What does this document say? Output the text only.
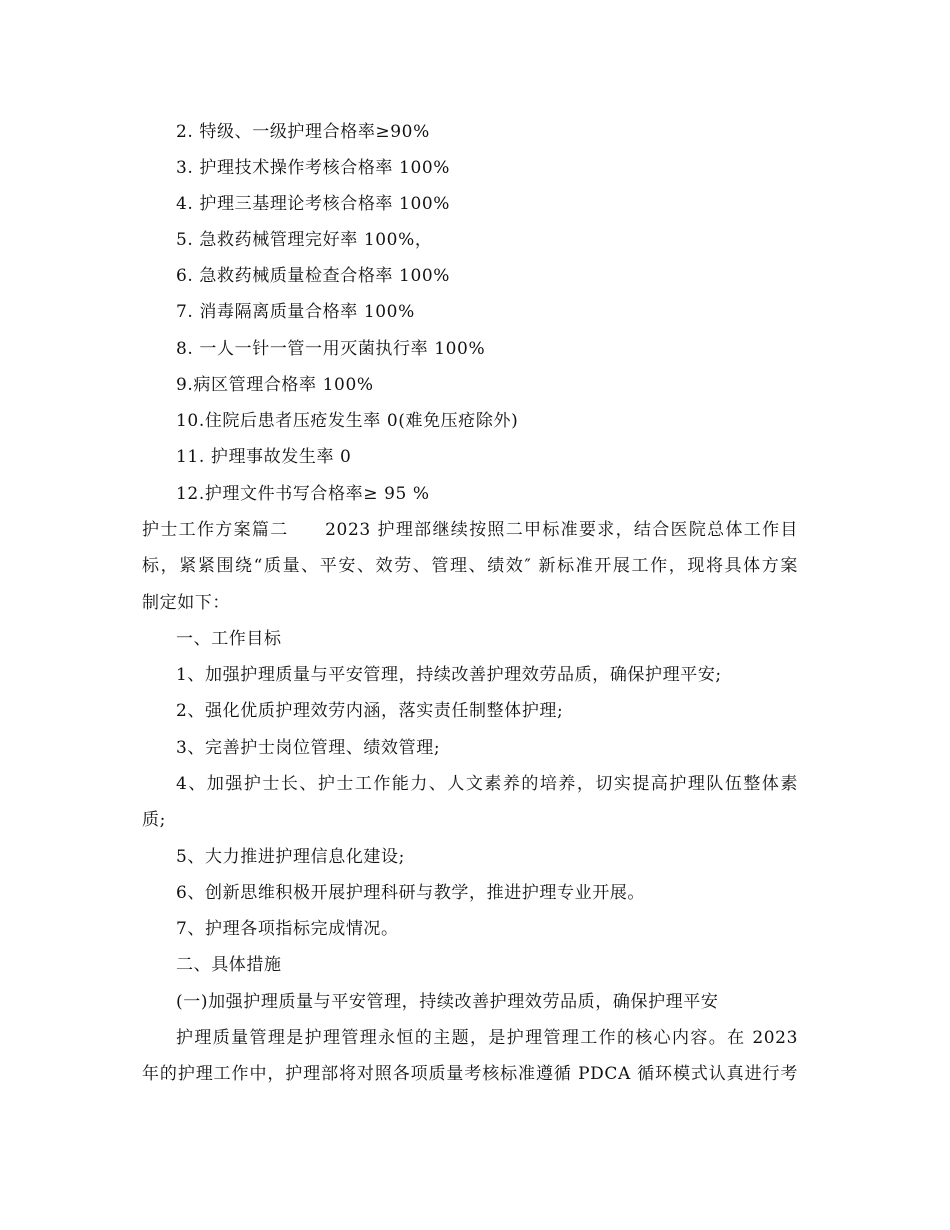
2. 特级、一级护理合格率≥90%
3. 护理技术操作考核合格率 100%
4. 护理三基理论考核合格率 100%
5. 急救药械管理完好率 100%，
6. 急救药械质量检查合格率 100%
7. 消毒隔离质量合格率 100%
8. 一人一针一管一用灭菌执行率 100%
9.病区管理合格率 100%
10.住院后患者压疮发生率 0(难免压疮除外)
11. 护理事故发生率 0
12.护理文件书写合格率≥ 95 %
护士工作方案篇二　　2023 护理部继续按照二甲标准要求，结合医院总体工作目
标，紧紧围绕“质量、平安、效劳、管理、绩效″ 新标准开展工作，现将具体方案
制定如下：
一、工作目标
1、加强护理质量与平安管理，持续改善护理效劳品质，确保护理平安;
2、强化优质护理效劳内涵，落实责任制整体护理;
3、完善护士岗位管理、绩效管理;
4、加强护士长、护士工作能力、人文素养的培养，切实提高护理队伍整体素
质;
5、大力推进护理信息化建设;
6、创新思维积极开展护理科研与教学，推进护理专业开展。
7、护理各项指标完成情况。
二、具体措施
(一)加强护理质量与平安管理，持续改善护理效劳品质，确保护理平安
护理质量管理是护理管理永恒的主题，是护理管理工作的核心内容。在 2023
年的护理工作中，护理部将对照各项质量考核标准遵循 PDCA 循环模式认真进行考
